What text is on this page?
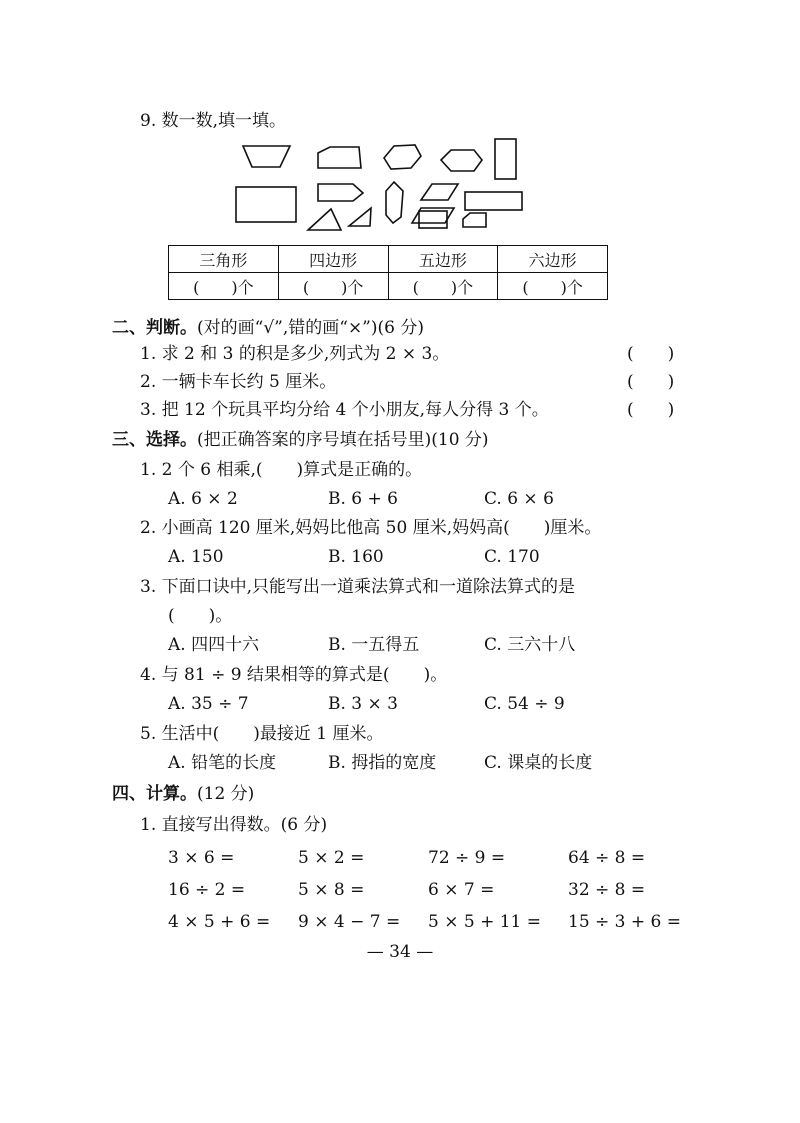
9. 数一数,填一填。
三角形	四边形	五边形	六边形
(　　)个	(　　)个	(　　)个	(　　)个
二、判断。(对的画“√”,错的画“×”)(6 分)
1. 求 2 和 3 的积是多少,列式为 2 × 3。	(　　)
2. 一辆卡车长约 5 厘米。	(　　)
3. 把 12 个玩具平均分给 4 个小朋友,每人分得 3 个。	(　　)
三、选择。(把正确答案的序号填在括号里)(10 分)
1. 2 个 6 相乘,(　　)算式是正确的。
A. 6 × 2	B. 6 + 6	C. 6 × 6
2. 小画高 120 厘米,妈妈比他高 50 厘米,妈妈高(　　)厘米。
A. 150	B. 160	C. 170
3. 下面口诀中,只能写出一道乘法算式和一道除法算式的是
(　　)。
A. 四四十六	B. 一五得五	C. 三六十八
4. 与 81 ÷ 9 结果相等的算式是(　　)。
A. 35 ÷ 7	B. 3 × 3	C. 54 ÷ 9
5. 生活中(　　)最接近 1 厘米。
A. 铅笔的长度	B. 拇指的宽度	C. 课桌的长度
四、计算。(12 分)
1. 直接写出得数。(6 分)
3 × 6 =	5 × 2 =	72 ÷ 9 =	64 ÷ 8 =
16 ÷ 2 =	5 × 8 =	6 × 7 =	32 ÷ 8 =
4 × 5 + 6 = 9 × 4 − 7 = 5 × 5 + 11 = 15 ÷ 3 + 6 =
— 34 —
